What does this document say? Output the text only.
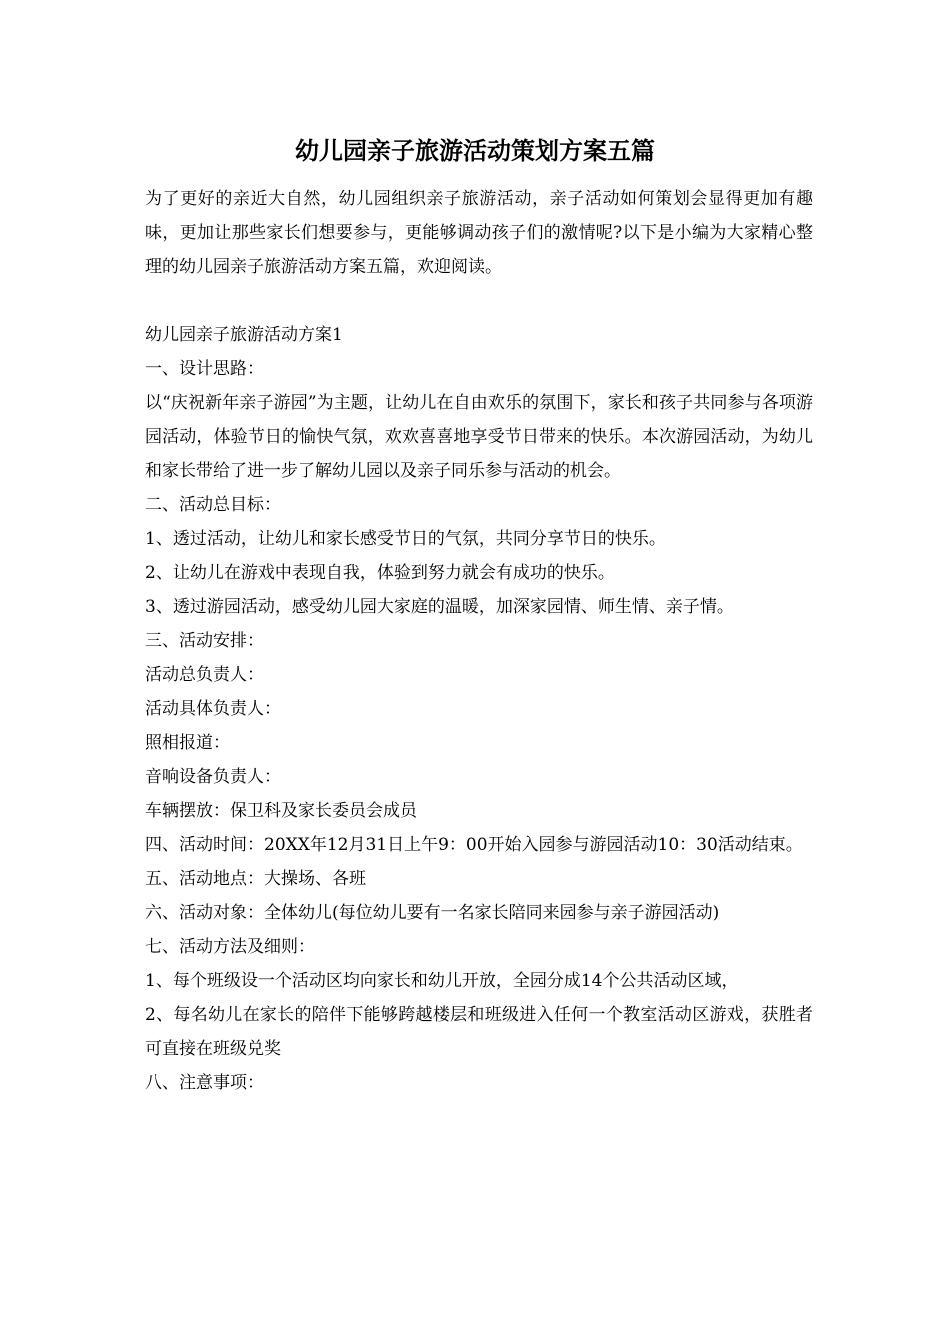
幼儿园亲子旅游活动策划方案五篇

为了更好的亲近大自然，幼儿园组织亲子旅游活动，亲子活动如何策划会显得更加有趣味，更加让那些家长们想要参与，更能够调动孩子们的激情呢?以下是小编为大家精心整理的幼儿园亲子旅游活动方案五篇，欢迎阅读。

幼儿园亲子旅游活动方案1

一、设计思路：

以“庆祝新年亲子游园”为主题，让幼儿在自由欢乐的氛围下，家长和孩子共同参与各项游园活动，体验节日的愉快气氛，欢欢喜喜地享受节日带来的快乐。本次游园活动，为幼儿和家长带给了进一步了解幼儿园以及亲子同乐参与活动的机会。

二、活动总目标：

1、透过活动，让幼儿和家长感受节日的气氛，共同分享节日的快乐。

2、让幼儿在游戏中表现自我，体验到努力就会有成功的快乐。

3、透过游园活动，感受幼儿园大家庭的温暖，加深家园情、师生情、亲子情。

三、活动安排：

活动总负责人：

活动具体负责人：

照相报道：

音响设备负责人：

车辆摆放：保卫科及家长委员会成员

四、活动时间：20XX年12月31日上午9：00开始入园参与游园活动10：30活动结束。

五、活动地点：大操场、各班

六、活动对象：全体幼儿(每位幼儿要有一名家长陪同来园参与亲子游园活动)

七、活动方法及细则：

1、每个班级设一个活动区均向家长和幼儿开放，全园分成14个公共活动区域，

2、每名幼儿在家长的陪伴下能够跨越楼层和班级进入任何一个教室活动区游戏，获胜者可直接在班级兑奖

八、注意事项：
